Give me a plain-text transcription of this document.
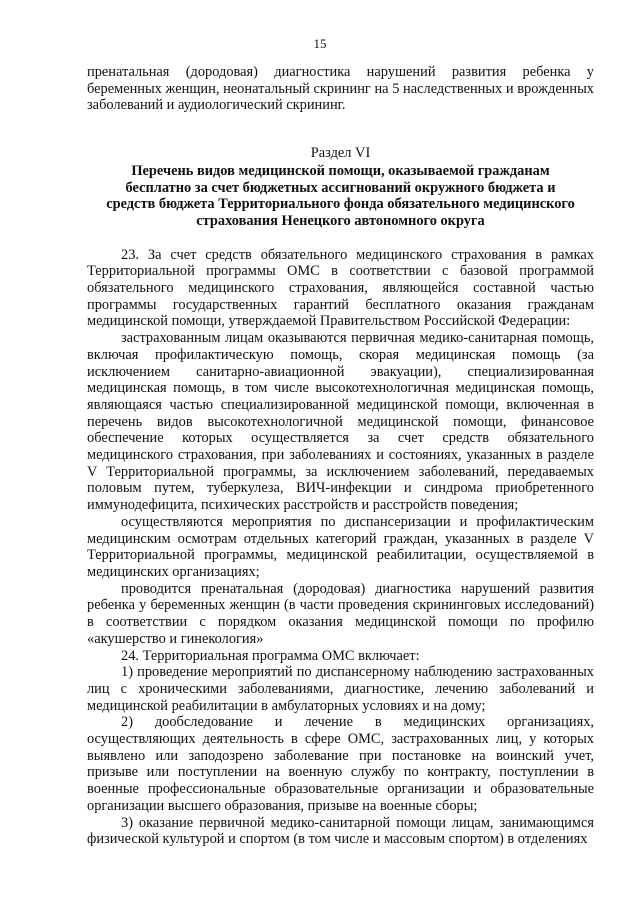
15

пренатальная (дородовая) диагностика нарушений развития ребенка у беременных женщин, неонатальный скрининг на 5 наследственных и врожденных заболеваний и аудиологический скрининг.

Раздел VI
Перечень видов медицинской помощи, оказываемой гражданам бесплатно за счет бюджетных ассигнований окружного бюджета и средств бюджета Территориального фонда обязательного медицинского страхования Ненецкого автономного округа

23. За счет средств обязательного медицинского страхования в рамках Территориальной программы ОМС в соответствии с базовой программой обязательного медицинского страхования, являющейся составной частью программы государственных гарантий бесплатного оказания гражданам медицинской помощи, утверждаемой Правительством Российской Федерации:

застрахованным лицам оказываются первичная медико-санитарная помощь, включая профилактическую помощь, скорая медицинская помощь (за исключением санитарно-авиационной эвакуации), специализированная медицинская помощь, в том числе высокотехнологичная медицинская помощь, являющаяся частью специализированной медицинской помощи, включенная в перечень видов высокотехнологичной медицинской помощи, финансовое обеспечение которых осуществляется за счет средств обязательного медицинского страхования, при заболеваниях и состояниях, указанных в разделе V Территориальной программы, за исключением заболеваний, передаваемых половым путем, туберкулеза, ВИЧ-инфекции и синдрома приобретенного иммунодефицита, психических расстройств и расстройств поведения;

осуществляются мероприятия по диспансеризации и профилактическим медицинским осмотрам отдельных категорий граждан, указанных в разделе V Территориальной программы, медицинской реабилитации, осуществляемой в медицинских организациях;

проводится пренатальная (дородовая) диагностика нарушений развития ребенка у беременных женщин (в части проведения скрининговых исследований) в соответствии с порядком оказания медицинской помощи по профилю «акушерство и гинекология»

24. Территориальная программа ОМС включает:

1) проведение мероприятий по диспансерному наблюдению застрахованных лиц с хроническими заболеваниями, диагностике, лечению заболеваний и медицинской реабилитации в амбулаторных условиях и на дому;

2) дообследование и лечение в медицинских организациях, осуществляющих деятельность в сфере ОМС, застрахованных лиц, у которых выявлено или заподозрено заболевание при постановке на воинский учет, призыве или поступлении на военную службу по контракту, поступлении в военные профессиональные образовательные организации и образовательные организации высшего образования, призыве на военные сборы;

3) оказание первичной медико-санитарной помощи лицам, занимающимся физической культурой и спортом (в том числе и массовым спортом) в отделениях
